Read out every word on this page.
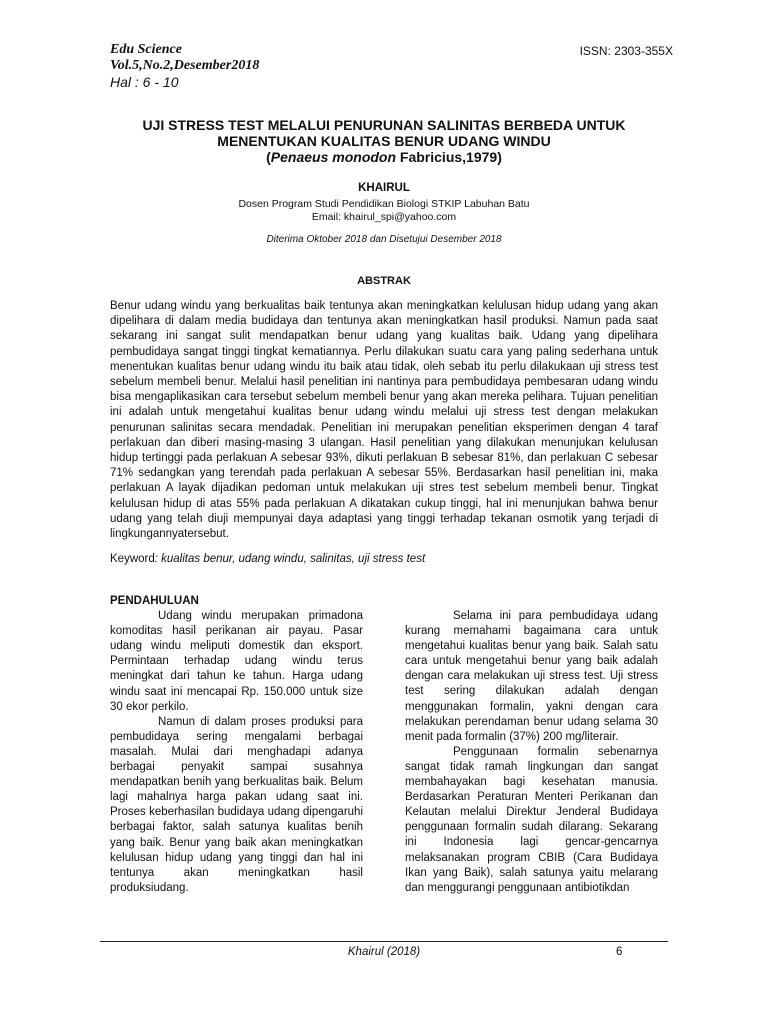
Edu Science
Vol.5,No.2,Desember2018
Hal : 6 - 10
ISSN: 2303-355X
UJI STRESS TEST MELALUI PENURUNAN SALINITAS BERBEDA UNTUK
MENENTUKAN KUALITAS BENUR UDANG WINDU
(Penaeus monodon Fabricius,1979)
KHAIRUL
Dosen Program Studi Pendidikan Biologi STKIP Labuhan Batu
Email: khairul_spi@yahoo.com
Diterima Oktober 2018 dan Disetujui Desember 2018
ABSTRAK
Benur udang windu yang berkualitas baik tentunya akan meningkatkan kelulusan hidup udang yang akan dipelihara di dalam media budidaya dan tentunya akan meningkatkan hasil produksi. Namun pada saat sekarang ini sangat sulit mendapatkan benur udang yang kualitas baik. Udang yang dipelihara pembudidaya sangat tinggi tingkat kematiannya. Perlu dilakukan suatu cara yang paling sederhana untuk menentukan kualitas benur udang windu itu baik atau tidak, oleh sebab itu perlu dilakukaan uji stress test sebelum membeli benur. Melalui hasil penelitian ini nantinya para pembudidaya pembesaran udang windu bisa mengaplikasikan cara tersebut sebelum membeli benur yang akan mereka pelihara. Tujuan penelitian ini adalah untuk mengetahui kualitas benur udang windu melalui uji stress test dengan melakukan penurunan salinitas secara mendadak. Penelitian ini merupakan penelitian eksperimen dengan 4 taraf perlakuan dan diberi masing-masing 3 ulangan. Hasil penelitian yang dilakukan menunjukan kelulusan hidup tertinggi pada perlakuan A sebesar 93%, dikuti perlakuan B sebesar 81%, dan perlakuan C sebesar 71% sedangkan yang terendah pada perlakuan A sebesar 55%. Berdasarkan hasil penelitian ini, maka perlakuan A layak dijadikan pedoman untuk melakukan uji stres test sebelum membeli benur. Tingkat kelulusan hidup di atas 55% pada perlakuan A dikatakan cukup tinggi, hal ini menunjukan bahwa benur udang yang telah diuji mempunyai daya adaptasi yang tinggi terhadap tekanan osmotik yang terjadi di lingkungannyatersebut.
Keyword: kualitas benur, udang windu, salinitas, uji stress test
PENDAHULUAN

Udang windu merupakan primadona komoditas hasil perikanan air payau. Pasar udang windu meliputi domestik dan eksport. Permintaan terhadap udang windu terus meningkat dari tahun ke tahun. Harga udang windu saat ini mencapai Rp. 150.000 untuk size 30 ekor perkilo.

Namun di dalam proses produksi para pembudidaya sering mengalami berbagai masalah. Mulai dari menghadapi adanya berbagai penyakit sampai susahnya mendapatkan benih yang berkualitas baik. Belum lagi mahalnya harga pakan udang saat ini. Proses keberhasilan budidaya udang dipengaruhi berbagai faktor, salah satunya kualitas benih yang baik. Benur yang baik akan meningkatkan kelulusan hidup udang yang tinggi dan hal ini tentunya akan meningkatkan hasil produksiudang.

Selama ini para pembudidaya udang kurang memahami bagaimana cara untuk mengetahui kualitas benur yang baik. Salah satu cara untuk mengetahui benur yang baik adalah dengan cara melakukan uji stress test. Uji stress test sering dilakukan adalah dengan menggunakan formalin, yakni dengan cara melakukan perendaman benur udang selama 30 menit pada formalin (37%) 200 mg/literair.

Penggunaan formalin sebenarnya sangat tidak ramah lingkungan dan sangat membahayakan bagi kesehatan manusia. Berdasarkan Peraturan Menteri Perikanan dan Kelautan melalui Direktur Jenderal Budidaya penggunaan formalin sudah dilarang. Sekarang ini Indonesia lagi gencar-gencarnya melaksanakan program CBIB (Cara Budidaya Ikan yang Baik), salah satunya yaitu melarang dan menggurangi penggunaan antibiotikdan

Khairul (2018)	6
